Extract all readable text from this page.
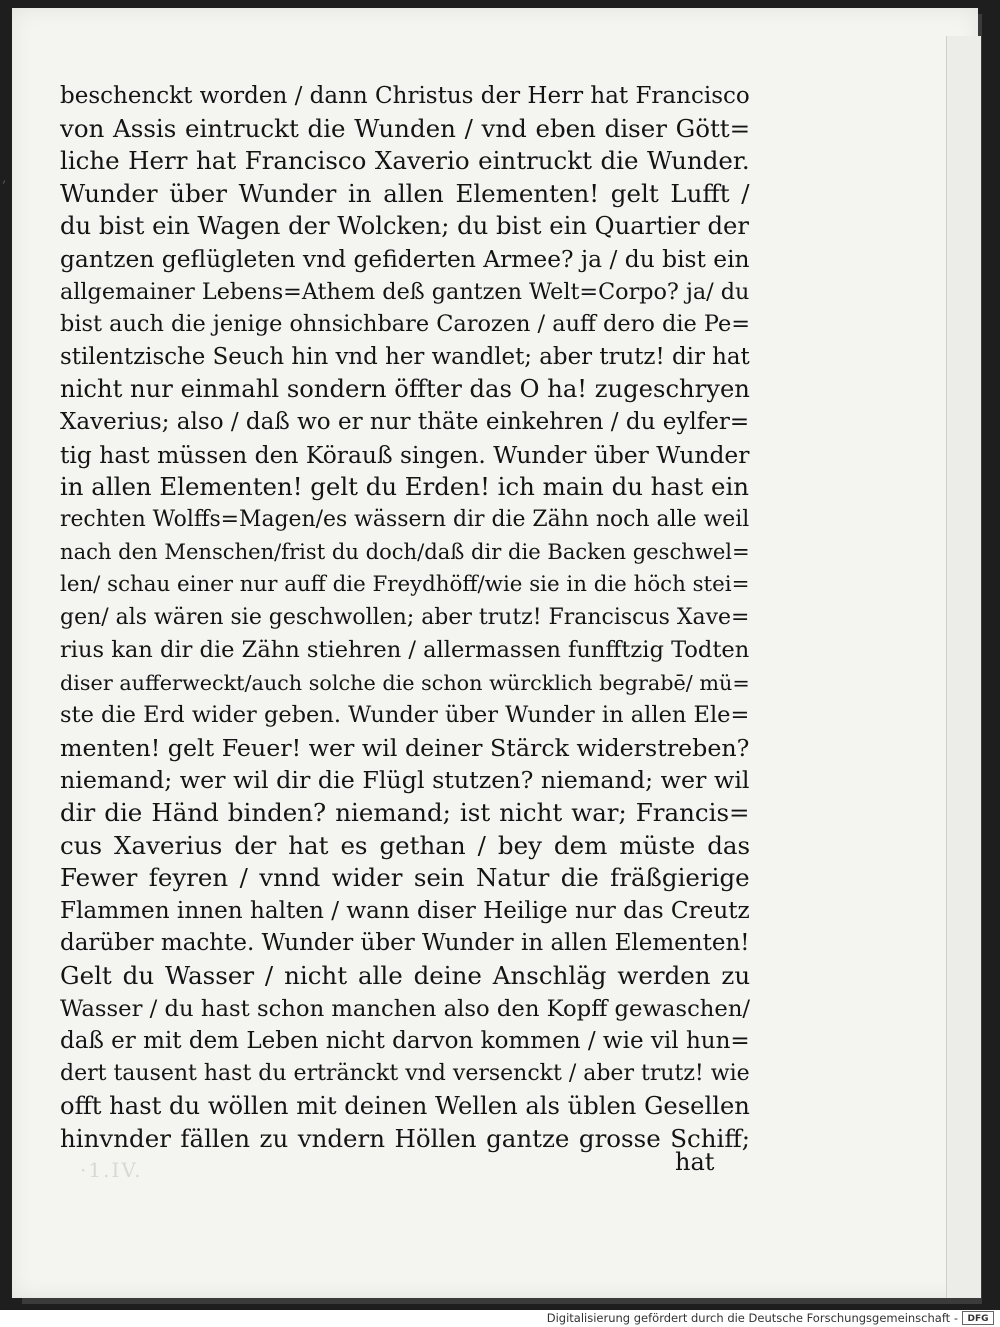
,
beschenckt worden / dann Christus der Herr hat Francisco
von Assis eintruckt die Wunden / vnd eben diser Gött=
liche Herr hat Francisco Xaverio eintruckt die Wunder.
Wunder über Wunder in allen Elementen! gelt Lufft /
du bist ein Wagen der Wolcken; du bist ein Quartier der
gantzen geflügleten vnd gefiderten Armee? ja / du bist ein
allgemainer Lebens=Athem deß gantzen Welt=Corpo? ja/ du
bist auch die jenige ohnsichbare Carozen / auff dero die Pe=
stilentzische Seuch hin vnd her wandlet; aber trutz! dir hat
nicht nur einmahl sondern öffter das O ha! zugeschryen
Xaverius; also / daß wo er nur thäte einkehren / du eylfer=
tig hast müssen den Körauß singen. Wunder über Wunder
in allen Elementen! gelt du Erden! ich main du hast ein
rechten Wolffs=Magen/es wässern dir die Zähn noch alle weil
nach den Menschen/frist du doch/daß dir die Backen geschwel=
len/ schau einer nur auff die Freydhöff/wie sie in die höch stei=
gen/ als wären sie geschwollen; aber trutz! Franciscus Xave=
rius kan dir die Zähn stiehren / allermassen funfftzig Todten
diser aufferweckt/auch solche die schon würcklich begrabē/ mü=
ste die Erd wider geben. Wunder über Wunder in allen Ele=
menten! gelt Feuer! wer wil deiner Stärck widerstreben?
niemand; wer wil dir die Flügl stutzen? niemand; wer wil
dir die Händ binden? niemand; ist nicht war; Francis=
cus Xaverius der hat es gethan / bey dem müste das
Fewer feyren / vnnd wider sein Natur die fräßgierige
Flammen innen halten / wann diser Heilige nur das Creutz
darüber machte. Wunder über Wunder in allen Elementen!
Gelt du Wasser / nicht alle deine Anschläg werden zu
Wasser / du hast schon manchen also den Kopff gewaschen/
daß er mit dem Leben nicht darvon kommen / wie vil hun=
dert tausent hast du ertränckt vnd versenckt / aber trutz! wie
offt hast du wöllen mit deinen Wellen als üblen Gesellen
hinvnder fällen zu vndern Höllen gantze grosse Schiff;
·1.IV.	hat
Digitalisierung gefördert durch die Deutsche Forschungsgemeinschaft -	DFG
